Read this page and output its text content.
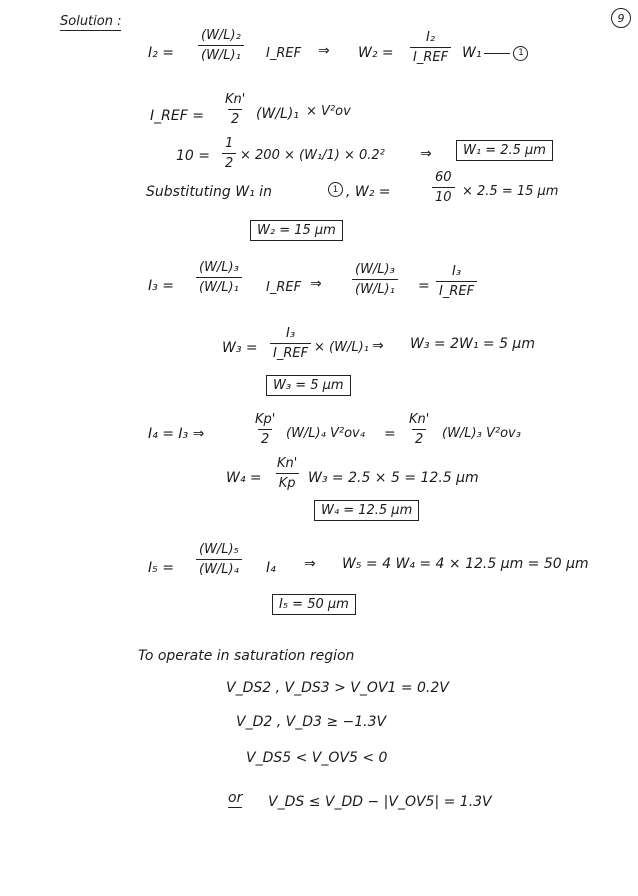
9
Solution :
$I_2 = \frac{\text{(W/L)₂}}{\text{(W/L)₁}}$ I_REF ⇒ W₂ =
I₂
I_REF W₁	1
I_REF = $\frac{Kn'}{2} (W/L)_1 \times V^2ov$
$10 = \frac{1}{2} \times 200 \times (W_1/1) \times 0.2^2$	⇒	W₁ = 2.5 μm
Substituting W₁ in	1 , W₂ =	$\frac{60}{10} \times 2.5 = 15$ μm
W₂ = 15 μm
$I_3 = \frac{\text{(W/L)₃}}{\text{(W/L)₁}}$ I_REF ⇒ $\frac{\text{(W/L)₃}}{\text{(W/L)₁}}$ =
I₃
I_REF
W₃ =
I₃
I_REF × (W/L)₁ ⇒ W₃ = 2W₁ = 5 μm
W₃ = 5 μm
I₄ = I₃ ⇒	$\frac{Kp'}{2} (W/L)_4$ $V^2ov_4 = \frac{Kn'}{2} (W/L)_3$ V²ov₃
$W_4 = \frac{Kn'}{Kp} W_3 = 2.5 \times 5 = 12.5$ μm
W₄ = 12.5 μm
$I_5 = \frac{\text{(W/L)₅}}{\text{(W/L)₄}} I_4$ ⇒ W₅ = 4 W₄ = 4 × 12.5 μm = 50 μm
I₅ = 50 μm
To operate in saturation region
V_DS2 , V_DS3 > V_OV1 = 0.2V
V_D2 , V_D3 ≥ −1.3V
V_DS5 < V_OV5 < 0
or V_DS ≤ V_DD − |V_OV5| = 1.3V
